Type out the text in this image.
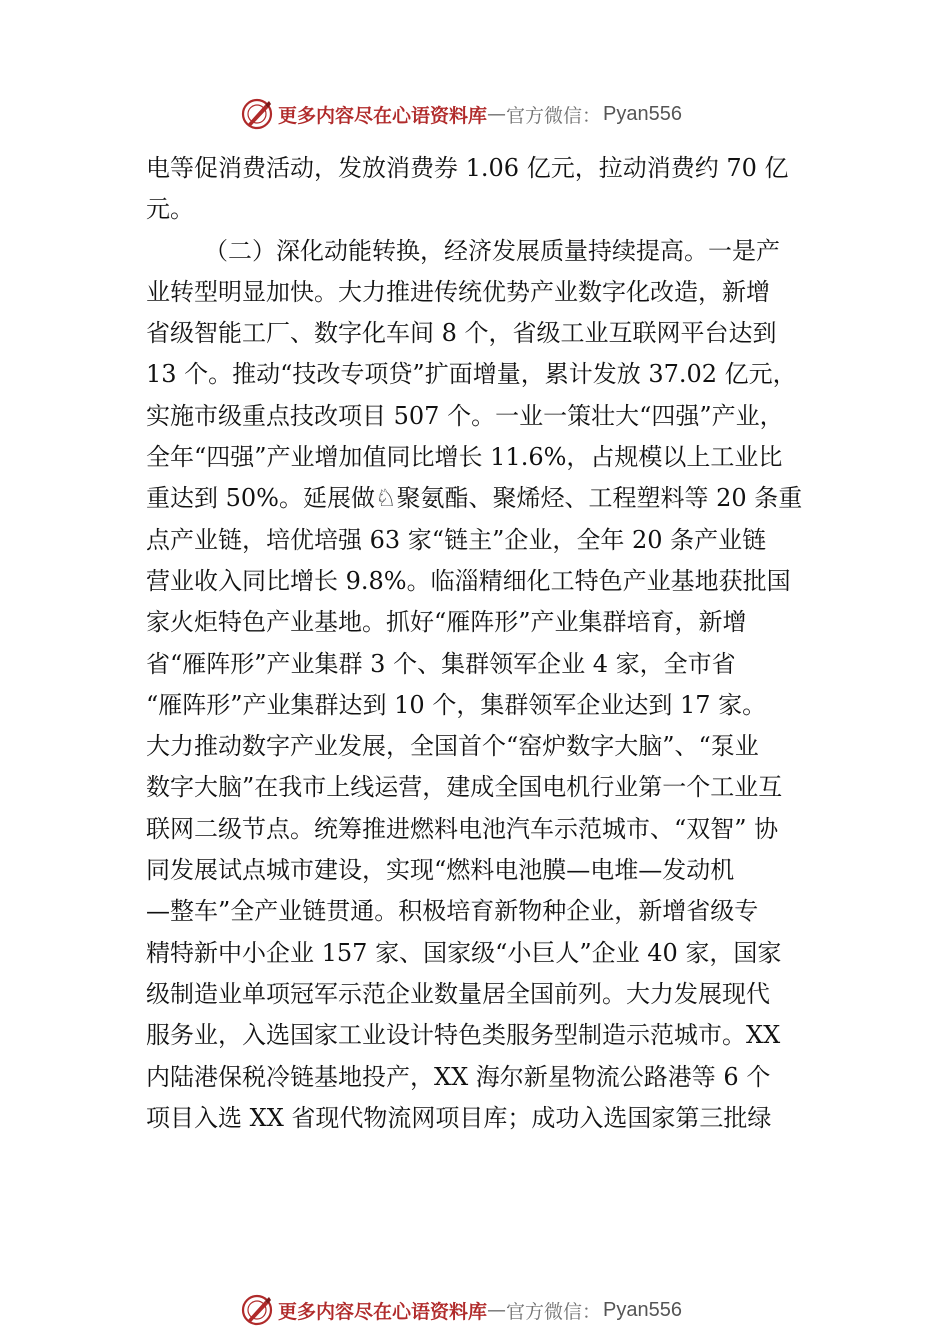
更多内容尽在心语资料库 — 官方微信： Pyan556
电等促消费活动，发放消费券 1.06 亿元，拉动消费约 70 亿
元。
（二）深化动能转换，经济发展质量持续提高。一是产
业转型明显加快。大力推进传统优势产业数字化改造，新增
省级智能工厂、数字化车间 8 个，省级工业互联网平台达到
13 个。推动“技改专项贷”扩面增量，累计发放 37.02 亿元，
实施市级重点技改项目 507 个。一业一策壮大“四强”产业，
全年“四强”产业增加值同比增长 11.6%，占规模以上工业比
重达到 50%。延展做♘聚氨酯、聚烯烃、工程塑料等 20 条重
点产业链，培优培强 63 家“链主”企业，全年 20 条产业链
营业收入同比增长 9.8%。临淄精细化工特色产业基地获批国
家火炬特色产业基地。抓好“雁阵形”产业集群培育，新增
省“雁阵形”产业集群 3 个、集群领军企业 4 家，全市省
“雁阵形”产业集群达到 10 个，集群领军企业达到 17 家。
大力推动数字产业发展，全国首个“窑炉数字大脑”、“泵业
数字大脑”在我市上线运营，建成全国电机行业第一个工业互
联网二级节点。统筹推进燃料电池汽车示范城市、“双智” 协
同发展试点城市建设，实现“燃料电池膜—电堆—发动机
—整车”全产业链贯通。积极培育新物种企业，新增省级专
精特新中小企业 157 家、国家级“小巨人”企业 40 家，国家
级制造业单项冠军示范企业数量居全国前列。大力发展现代
服务业，入选国家工业设计特色类服务型制造示范城市。XX
内陆港保税冷链基地投产，XX 海尔新星物流公路港等 6 个
项目入选 XX 省现代物流网项目库；成功入选国家第三批绿
更多内容尽在心语资料库 — 官方微信： Pyan556
